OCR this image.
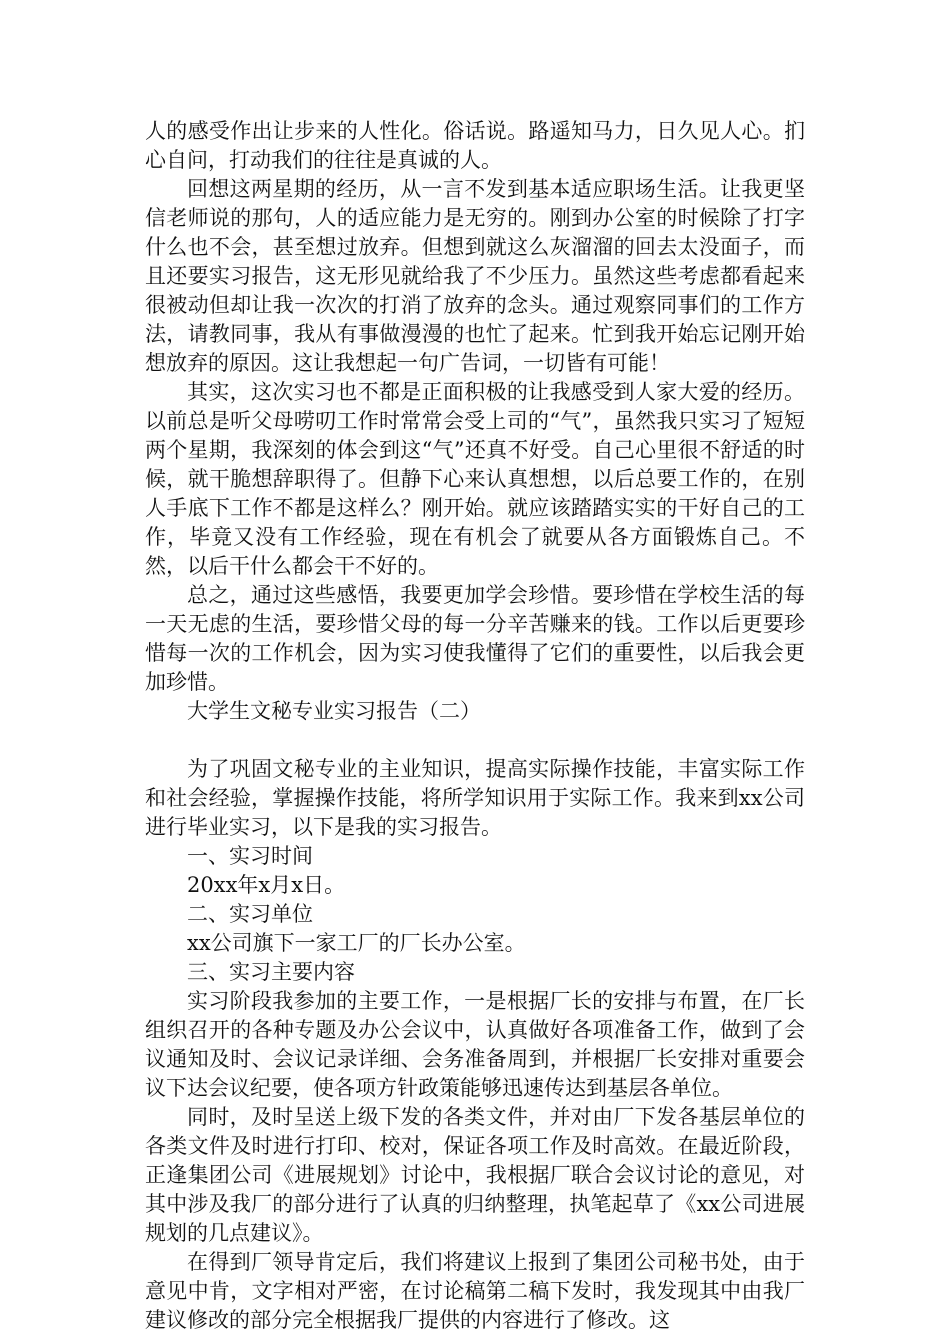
人的感受作出让步来的人性化。俗话说。路遥知马力，日久见人心。扪心自问，打动我们的往往是真诚的人。

回想这两星期的经历，从一言不发到基本适应职场生活。让我更坚信老师说的那句，人的适应能力是无穷的。刚到办公室的时候除了打字什么也不会，甚至想过放弃。但想到就这么灰溜溜的回去太没面子，而且还要实习报告，这无形见就给我了不少压力。虽然这些考虑都看起来很被动但却让我一次次的打消了放弃的念头。通过观察同事们的工作方法，请教同事，我从有事做漫漫的也忙了起来。忙到我开始忘记刚开始想放弃的原因。这让我想起一句广告词，一切皆有可能！

其实，这次实习也不都是正面积极的让我感受到人家大爱的经历。以前总是听父母唠叨工作时常常会受上司的“气”，虽然我只实习了短短两个星期，我深刻的体会到这“气”还真不好受。自己心里很不舒适的时候，就干脆想辞职得了。但静下心来认真想想，以后总要工作的，在别人手底下工作不都是这样么？刚开始。就应该踏踏实实的干好自己的工作，毕竟又没有工作经验，现在有机会了就要从各方面锻炼自己。不然，以后干什么都会干不好的。

总之，通过这些感悟，我要更加学会珍惜。要珍惜在学校生活的每一天无虑的生活，要珍惜父母的每一分辛苦赚来的钱。工作以后更要珍惜每一次的工作机会，因为实习使我懂得了它们的重要性，以后我会更加珍惜。

大学生文秘专业实习报告（二）

为了巩固文秘专业的主业知识，提高实际操作技能，丰富实际工作和社会经验，掌握操作技能，将所学知识用于实际工作。我来到xx公司进行毕业实习，以下是我的实习报告。

一、实习时间

20xx年x月x日。

二、实习单位

xx公司旗下一家工厂的厂长办公室。

三、实习主要内容

实习阶段我参加的主要工作，一是根据厂长的安排与布置，在厂长组织召开的各种专题及办公会议中，认真做好各项准备工作，做到了会议通知及时、会议记录详细、会务准备周到，并根据厂长安排对重要会议下达会议纪要，使各项方针政策能够迅速传达到基层各单位。

同时，及时呈送上级下发的各类文件，并对由厂下发各基层单位的各类文件及时进行打印、校对，保证各项工作及时高效。在最近阶段，正逢集团公司《进展规划》讨论中，我根据厂联合会议讨论的意见，对其中涉及我厂的部分进行了认真的归纳整理，执笔起草了《xx公司进展规划的几点建议》。

在得到厂领导肯定后，我们将建议上报到了集团公司秘书处，由于意见中肯，文字相对严密，在讨论稿第二稿下发时，我发现其中由我厂建议修改的部分完全根据我厂提供的内容进行了修改。这
